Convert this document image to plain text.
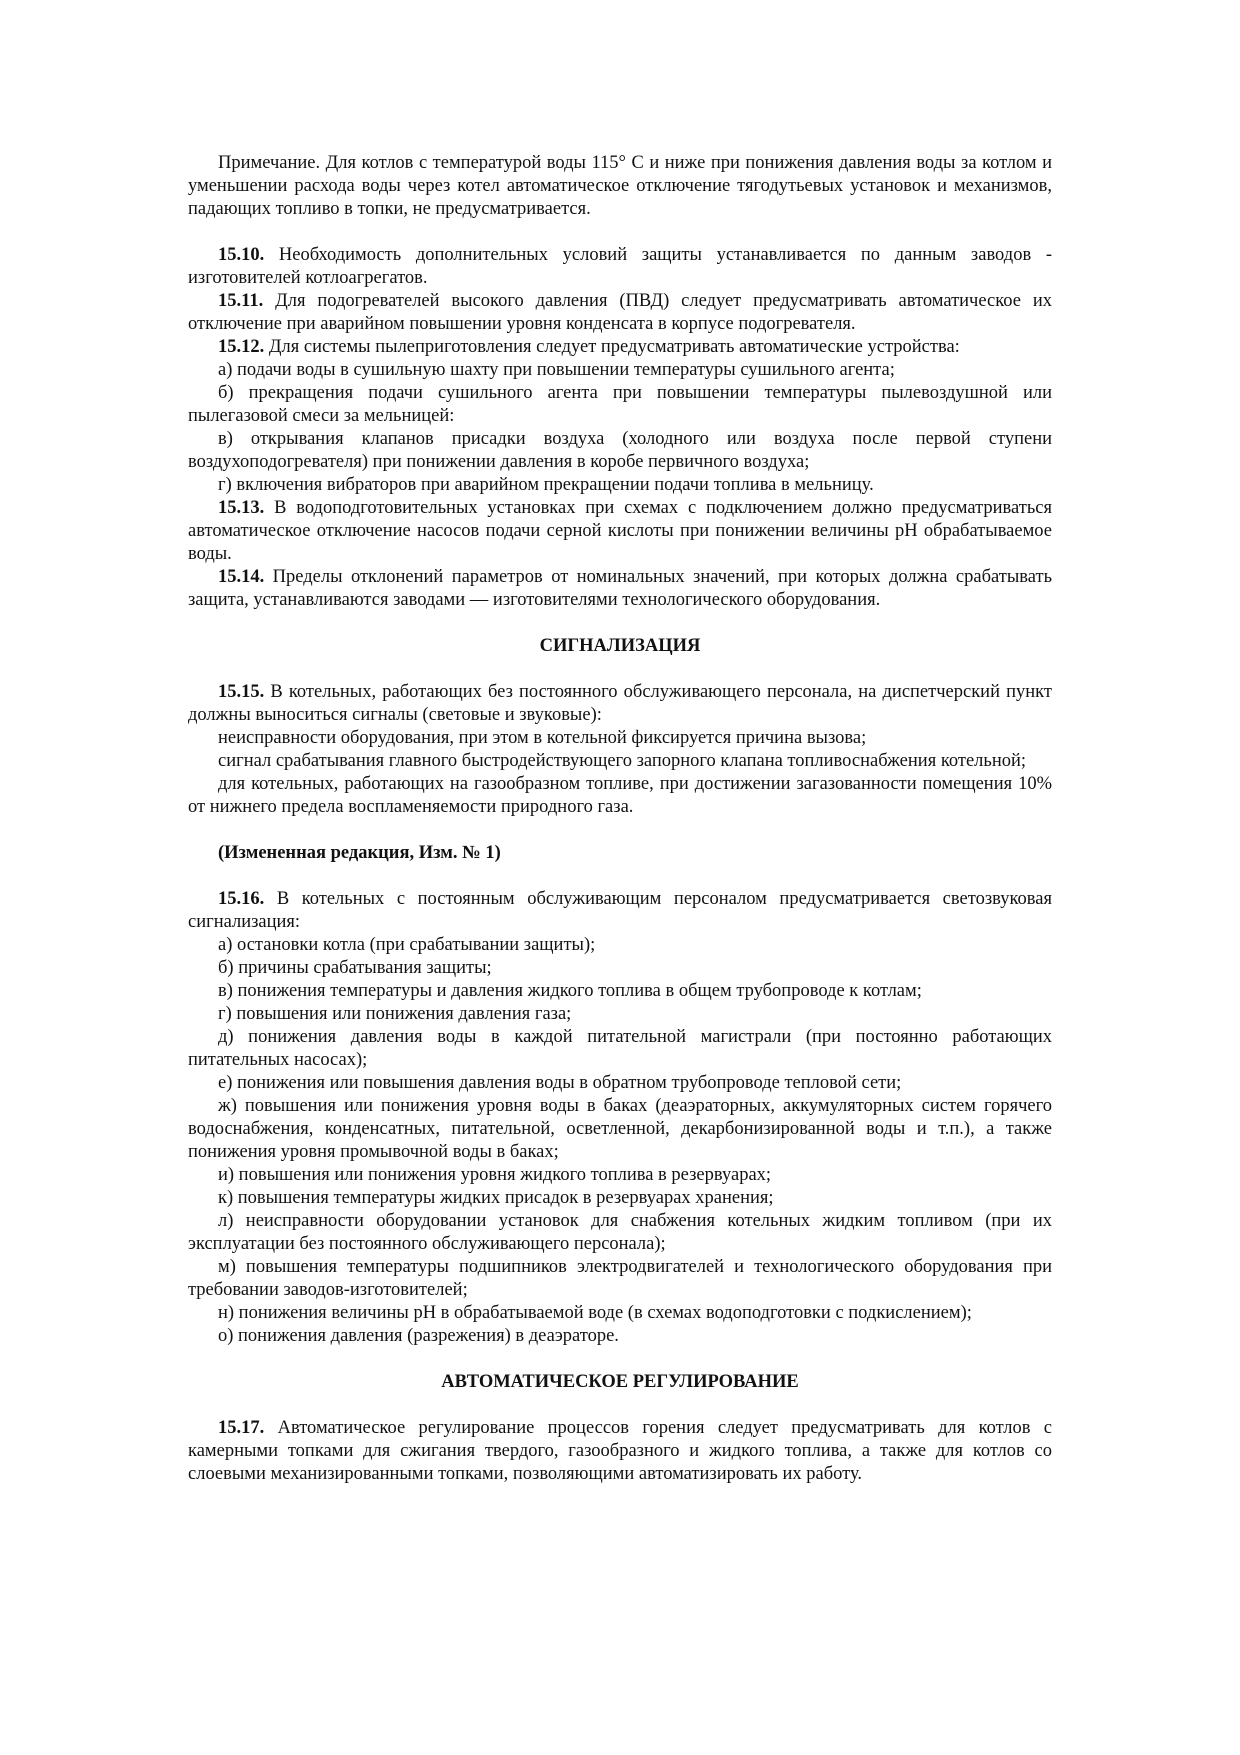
Примечание. Для котлов с температурой воды 115° С и ниже при понижения давления воды за котлом и уменьшении расхода воды через котел автоматическое отключение тягодутьевых установок и механизмов, падающих топливо в топки, не предусматривается.

15.10. Необходимость дополнительных условий защиты устанавливается по данным заводов - изготовителей котлоагрегатов.

15.11. Для подогревателей высокого давления (ПВД) следует предусматривать автоматическое их отключение при аварийном повышении уровня конденсата в корпусе подогревателя.

15.12. Для системы пылеприготовления следует предусматривать автоматические устройства:

а) подачи воды в сушильную шахту при повышении температуры сушильного агента;

б) прекращения подачи сушильного агента при повышении температуры пылевоздушной или пылегазовой смеси за мельницей:

в) открывания клапанов присадки воздуха (холодного или воздуха после первой ступени воздухоподогревателя) при понижении давления в коробе первичного воздуха;

г) включения вибраторов при аварийном прекращении подачи топлива в мельницу.

15.13. В водоподготовительных установках при схемах с подключением должно предусматриваться автоматическое отключение насосов подачи серной кислоты при понижении величины pH обрабатываемое воды.

15.14. Пределы отклонений параметров от номинальных значений, при которых должна срабатывать защита, устанавливаются заводами — изготовителями технологического оборудования.

СИГНАЛИЗАЦИЯ

15.15. В котельных, работающих без постоянного обслуживающего персонала, на диспетчерский пункт должны выноситься сигналы (световые и звуковые):

неисправности оборудования, при этом в котельной фиксируется причина вызова;

сигнал срабатывания главного быстродействующего запорного клапана топливоснабжения котельной;

для котельных, работающих на газообразном топливе, при достижении загазованности помещения 10% от нижнего предела воспламеняемости природного газа.

(Измененная редакция, Изм. № 1)

15.16. В котельных с постоянным обслуживающим персоналом предусматривается светозвуковая сигнализация:

а) остановки котла (при срабатывании защиты);

б) причины срабатывания защиты;

в) понижения температуры и давления жидкого топлива в общем трубопроводе к котлам;

г) повышения или понижения давления газа;

д) понижения давления воды в каждой питательной магистрали (при постоянно работающих питательных насосах);

е) понижения или повышения давления воды в обратном трубопроводе тепловой сети;

ж) повышения или понижения уровня воды в баках (деаэраторных, аккумуляторных систем горячего водоснабжения, конденсатных, питательной, осветленной, декарбонизированной воды и т.п.), а также понижения уровня промывочной воды в баках;

и) повышения или понижения уровня жидкого топлива в резервуарах;

к) повышения температуры жидких присадок в резервуарах хранения;

л) неисправности оборудовании установок для снабжения котельных жидким топливом (при их эксплуатации без постоянного обслуживающего персонала);

м) повышения температуры подшипников электродвигателей и технологического оборудования при требовании заводов-изготовителей;

н) понижения величины pH в обрабатываемой воде (в схемах водоподготовки с подкислением);

о) понижения давления (разрежения) в деаэраторе.

АВТОМАТИЧЕСКОЕ РЕГУЛИРОВАНИЕ

15.17. Автоматическое регулирование процессов горения следует предусматривать для котлов с камерными топками для сжигания твердого, газообразного и жидкого топлива, а также для котлов со слоевыми механизированными топками, позволяющими автоматизировать их работу.
